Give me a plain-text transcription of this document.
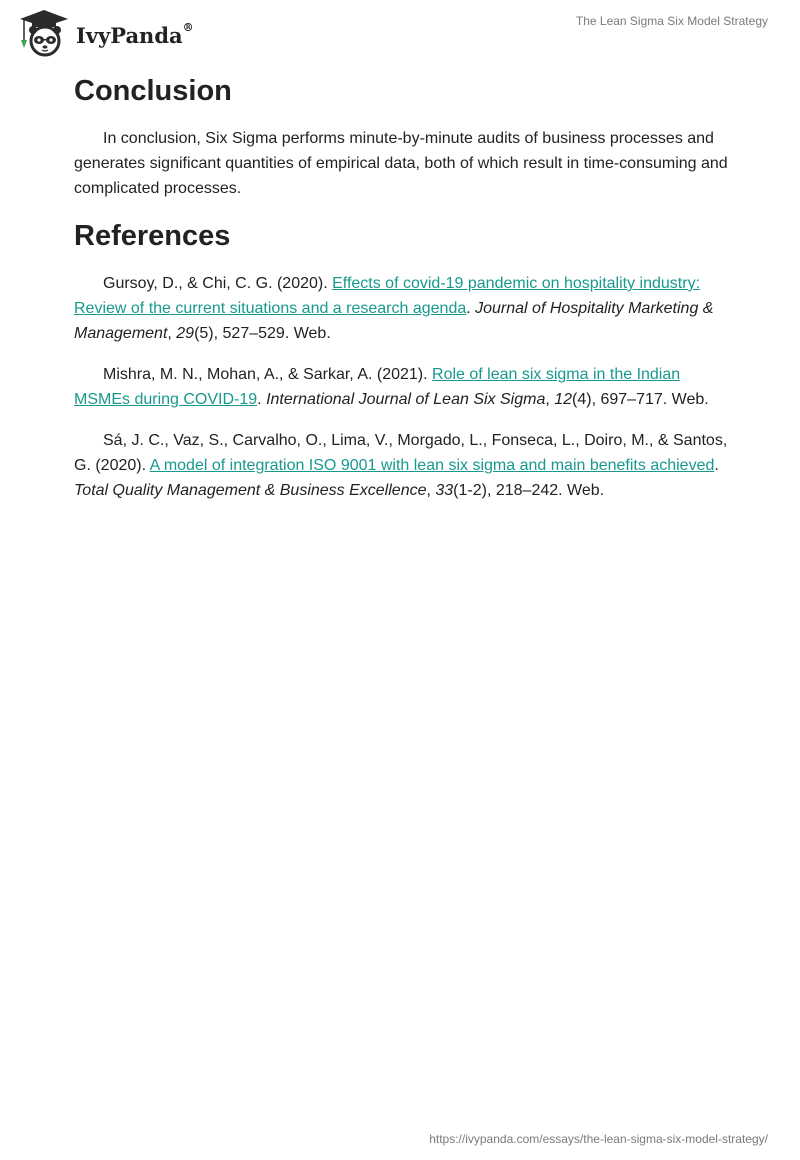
IvyPanda®	The Lean Sigma Six Model Strategy
Conclusion

In conclusion, Six Sigma performs minute-by-minute audits of business processes and generates significant quantities of empirical data, both of which result in time-consuming and complicated processes.

References

Gursoy, D., & Chi, C. G. (2020). Effects of covid-19 pandemic on hospitality industry: Review of the current situations and a research agenda. Journal of Hospitality Marketing & Management, 29(5), 527–529. Web.

Mishra, M. N., Mohan, A., & Sarkar, A. (2021). Role of lean six sigma in the Indian MSMEs during COVID-19. International Journal of Lean Six Sigma, 12(4), 697–717. Web.

Sá, J. C., Vaz, S., Carvalho, O., Lima, V., Morgado, L., Fonseca, L., Doiro, M., & Santos, G. (2020). A model of integration ISO 9001 with lean six sigma and main benefits achieved. Total Quality Management & Business Excellence, 33(1-2), 218–242. Web.

https://ivypanda.com/essays/the-lean-sigma-six-model-strategy/
